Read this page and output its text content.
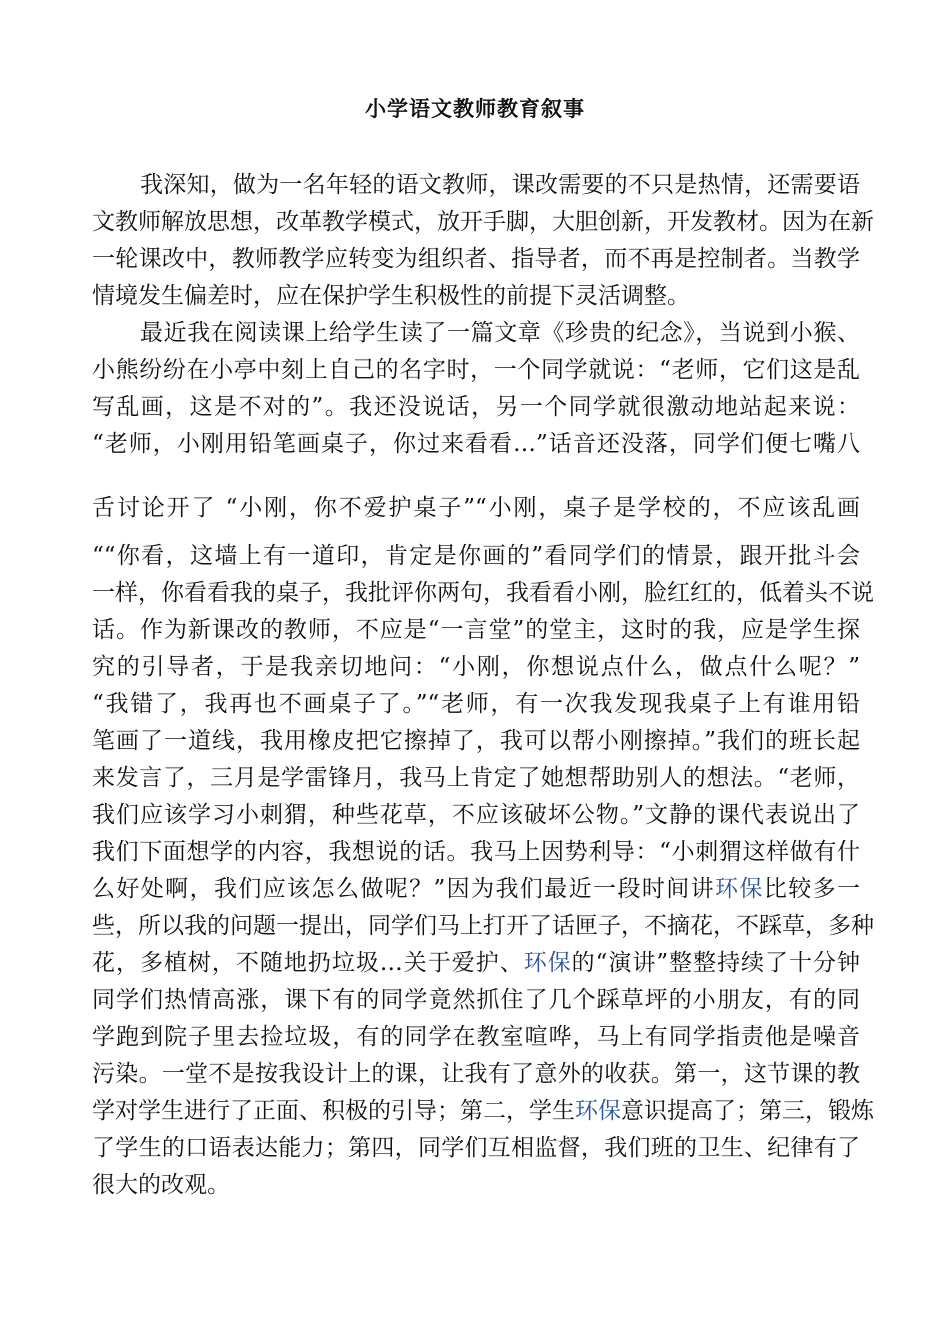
小学语文教师教育叙事
我深知，做为一名年轻的语文教师，课改需要的不只是热情，还需要语
文教师解放思想，改革教学模式，放开手脚，大胆创新，开发教材。因为在新
一轮课改中，教师教学应转变为组织者、指导者，而不再是控制者。当教学
情境发生偏差时，应在保护学生积极性的前提下灵活调整。
最近我在阅读课上给学生读了一篇文章《珍贵的纪念》，当说到小猴、
小熊纷纷在小亭中刻上自己的名字时，一个同学就说：“老师，它们这是乱
写乱画，这是不对的”。我还没说话，另一个同学就很激动地站起来说：
“老师，小刚用铅笔画桌子，你过来看看…”话音还没落，同学们便七嘴八
舌讨论开了 “小刚，你不爱护桌子”“小刚，桌子是学校的，不应该乱画
““你看，这墙上有一道印，肯定是你画的”看同学们的情景，跟开批斗会
一样，你看看我的桌子，我批评你两句，我看看小刚，脸红红的，低着头不说
话。作为新课改的教师，不应是“一言堂”的堂主，这时的我，应是学生探
究的引导者，于是我亲切地问：“小刚，你想说点什么，做点什么呢？”
“我错了，我再也不画桌子了。”“老师，有一次我发现我桌子上有谁用铅
笔画了一道线，我用橡皮把它擦掉了，我可以帮小刚擦掉。”我们的班长起
来发言了，三月是学雷锋月，我马上肯定了她想帮助别人的想法。“老师，
我们应该学习小刺猬，种些花草，不应该破坏公物。”文静的课代表说出了
我们下面想学的内容，我想说的话。我马上因势利导：“小刺猬这样做有什
么好处啊，我们应该怎么做呢？”因为我们最近一段时间讲环保比较多一
些，所以我的问题一提出，同学们马上打开了话匣子，不摘花，不踩草，多种
花，多植树，不随地扔垃圾…关于爱护、环保的“演讲”整整持续了十分钟
同学们热情高涨，课下有的同学竟然抓住了几个踩草坪的小朋友，有的同
学跑到院子里去捡垃圾，有的同学在教室喧哗，马上有同学指责他是噪音
污染。一堂不是按我设计上的课，让我有了意外的收获。第一，这节课的教
学对学生进行了正面、积极的引导；第二，学生环保意识提高了；第三，锻炼
了学生的口语表达能力；第四，同学们互相监督，我们班的卫生、纪律有了
很大的改观。
